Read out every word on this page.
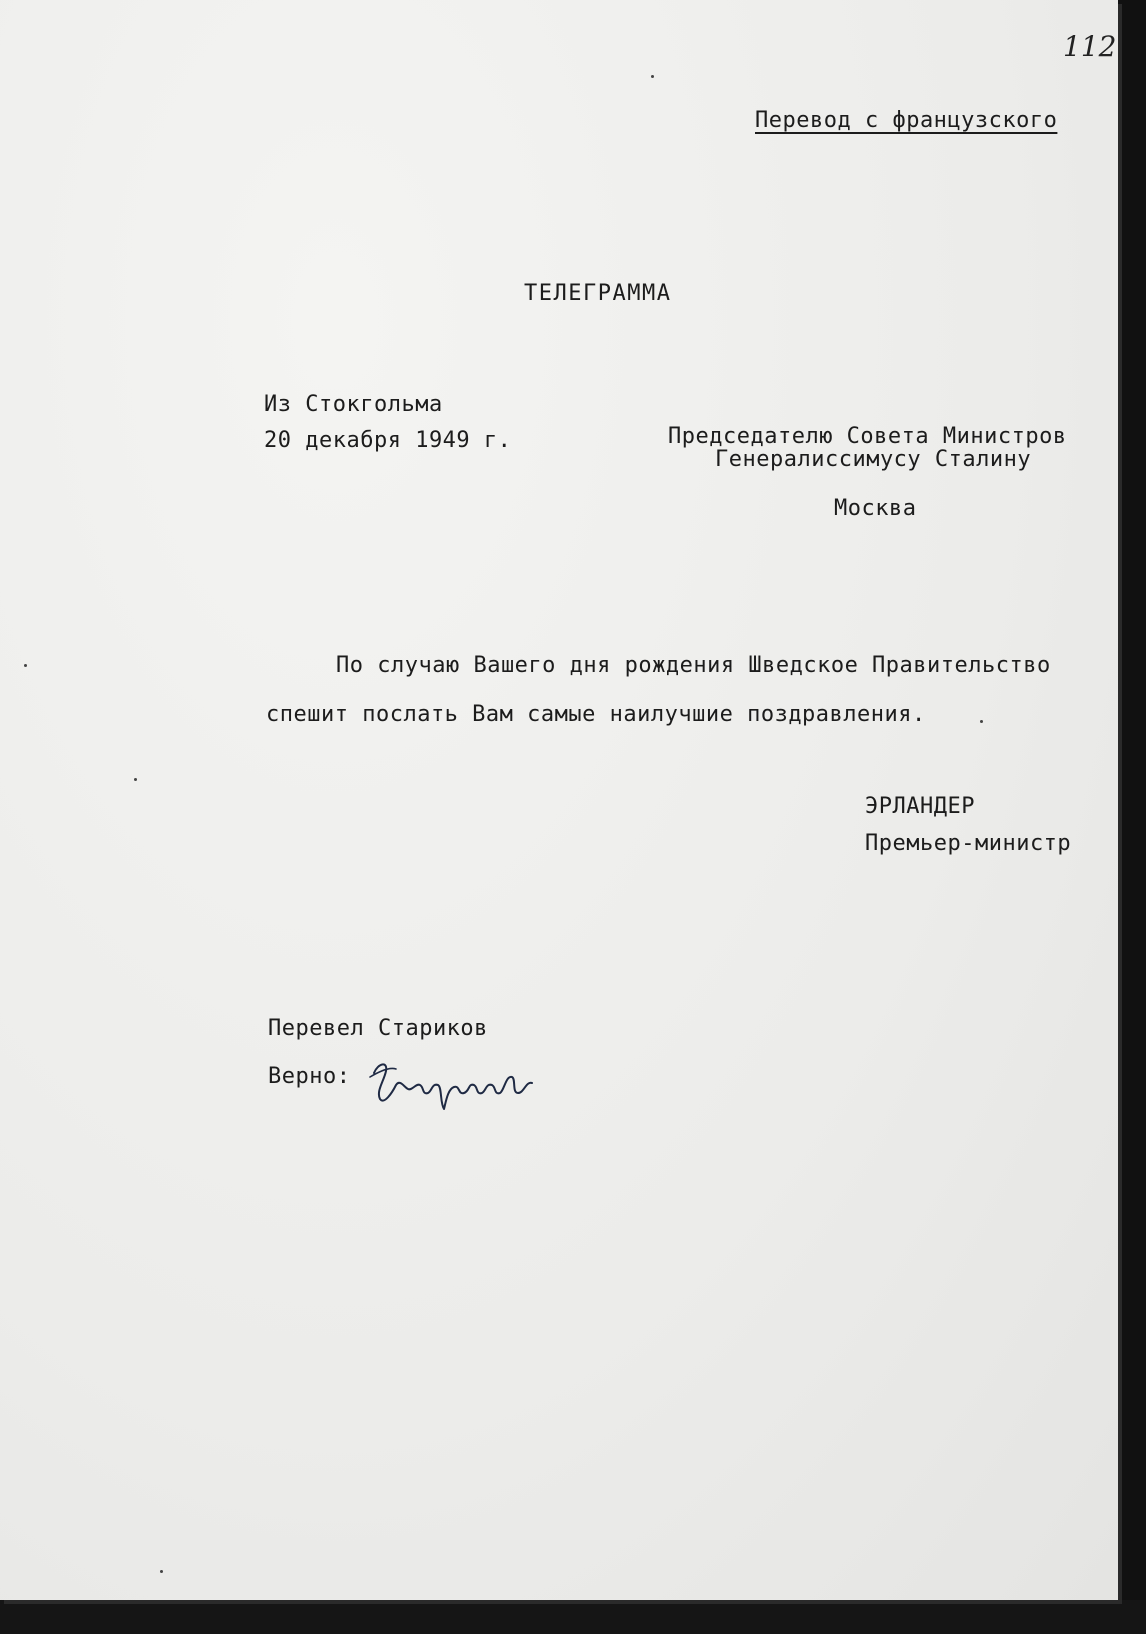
112
Перевод с французского
ТЕЛЕГРАММА
Из Стокгольма
20 декабря 1949 г.	Председателю Совета Министров
Генералиссимусу Сталину
Москва
По случаю Вашего дня рождения Шведское Правительство
спешит послать Вам самые наилучшие поздравления.
ЭРЛАНДЕР
Премьер-министр
Перевел Стариков
Верно:
